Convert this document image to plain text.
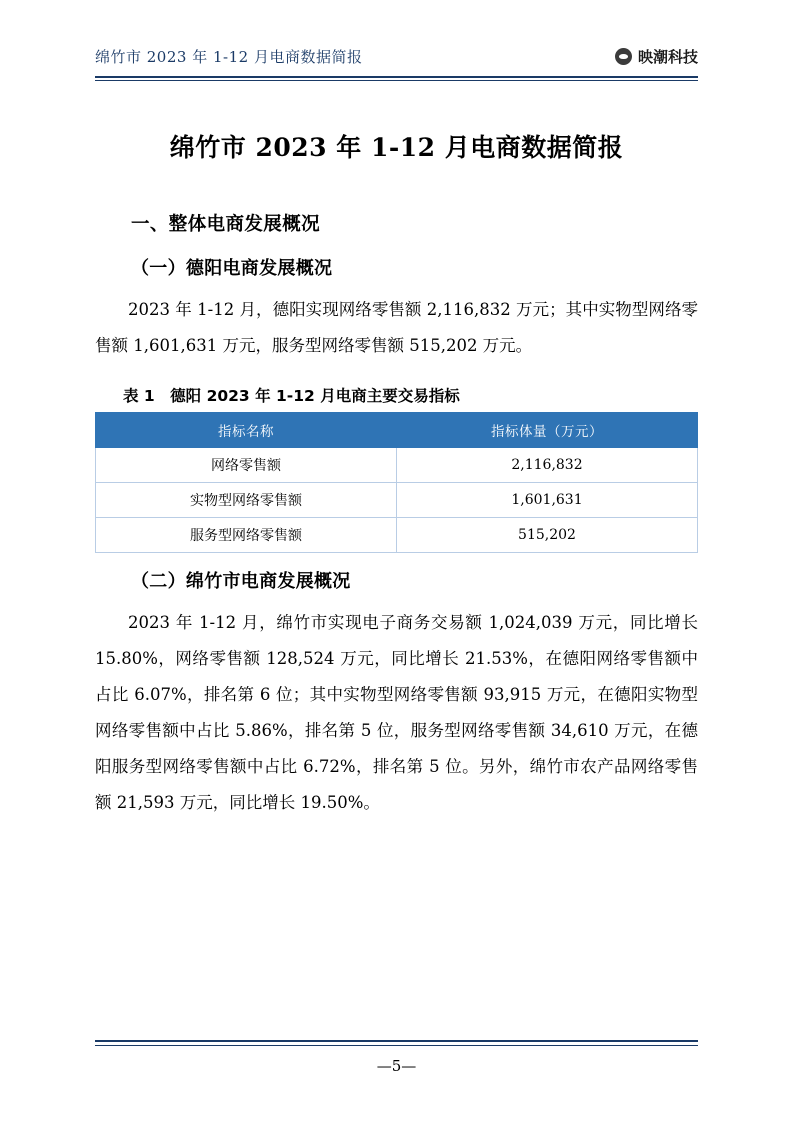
绵竹市 2023 年 1-12 月电商数据简报	映潮科技
绵竹市 2023 年 1-12 月电商数据简报
一、整体电商发展概况
（一）德阳电商发展概况

2023 年 1-12 月，德阳实现网络零售额 2,116,832 万元；其中实物型网络零售额 1,601,631 万元，服务型网络零售额 515,202 万元。

表 1　德阳 2023 年 1-12 月电商主要交易指标

指标名称	指标体量（万元）
网络零售额	2,116,832
实物型网络零售额	1,601,631
服务型网络零售额	515,202
（二）绵竹市电商发展概况

2023 年 1-12 月，绵竹市实现电子商务交易额 1,024,039 万元，同比增长 15.80%，网络零售额 128,524 万元，同比增长 21.53%，在德阳网络零售额中占比 6.07%，排名第 6 位；其中实物型网络零售额 93,915 万元，在德阳实物型网络零售额中占比 5.86%，排名第 5 位，服务型网络零售额 34,610 万元，在德阳服务型网络零售额中占比 6.72%，排名第 5 位。另外，绵竹市农产品网络零售额 21,593 万元，同比增长 19.50%。

—5—
